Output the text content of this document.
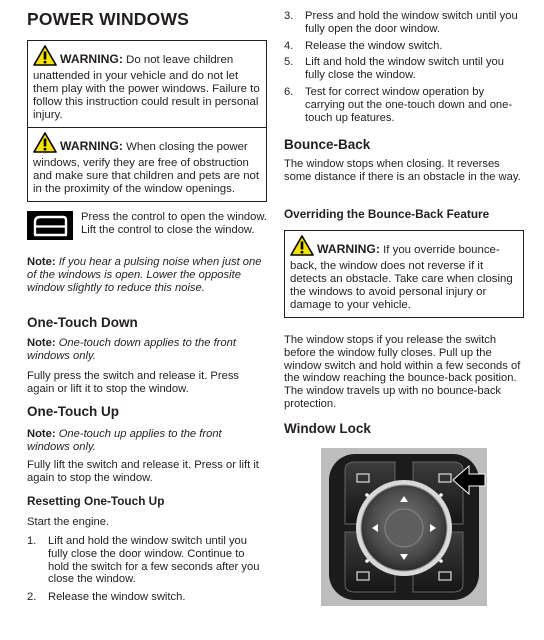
POWER WINDOWS

WARNING: Do not leave children unattended in your vehicle and do not let them play with the power windows. Failure to follow this instruction could result in personal injury.

WARNING: When closing the power windows, verify they are free of obstruction and make sure that children and pets are not in the proximity of the window openings.

Press the control to open the window. Lift the control to close the window.

Note: If you hear a pulsing noise when just one of the windows is open. Lower the opposite window slightly to reduce this noise.

One-Touch Down

Note: One-touch down applies to the front windows only.

Fully press the switch and release it. Press again or lift it to stop the window.

One-Touch Up

Note: One-touch up applies to the front windows only.

Fully lift the switch and release it. Press or lift it again to stop the window.

Resetting One-Touch Up

Start the engine.

1. Lift and hold the window switch until you fully close the door window. Continue to hold the switch for a few seconds after you close the window.
2. Release the window switch.
3. Press and hold the window switch until you fully open the door window.
4. Release the window switch.
5. Lift and hold the window switch until you fully close the window.
6. Test for correct window operation by carrying out the one-touch down and one-touch up features.
Bounce-Back

The window stops when closing. It reverses some distance if there is an obstacle in the way.

Overriding the Bounce-Back Feature

WARNING: If you override bounce-back, the window does not reverse if it detects an obstacle. Take care when closing the windows to avoid personal injury or damage to your vehicle.

The window stops if you release the switch before the window fully closes. Pull up the window switch and hold within a few seconds of the window reaching the bounce-back position. The window travels up with no bounce-back protection.

Window Lock
